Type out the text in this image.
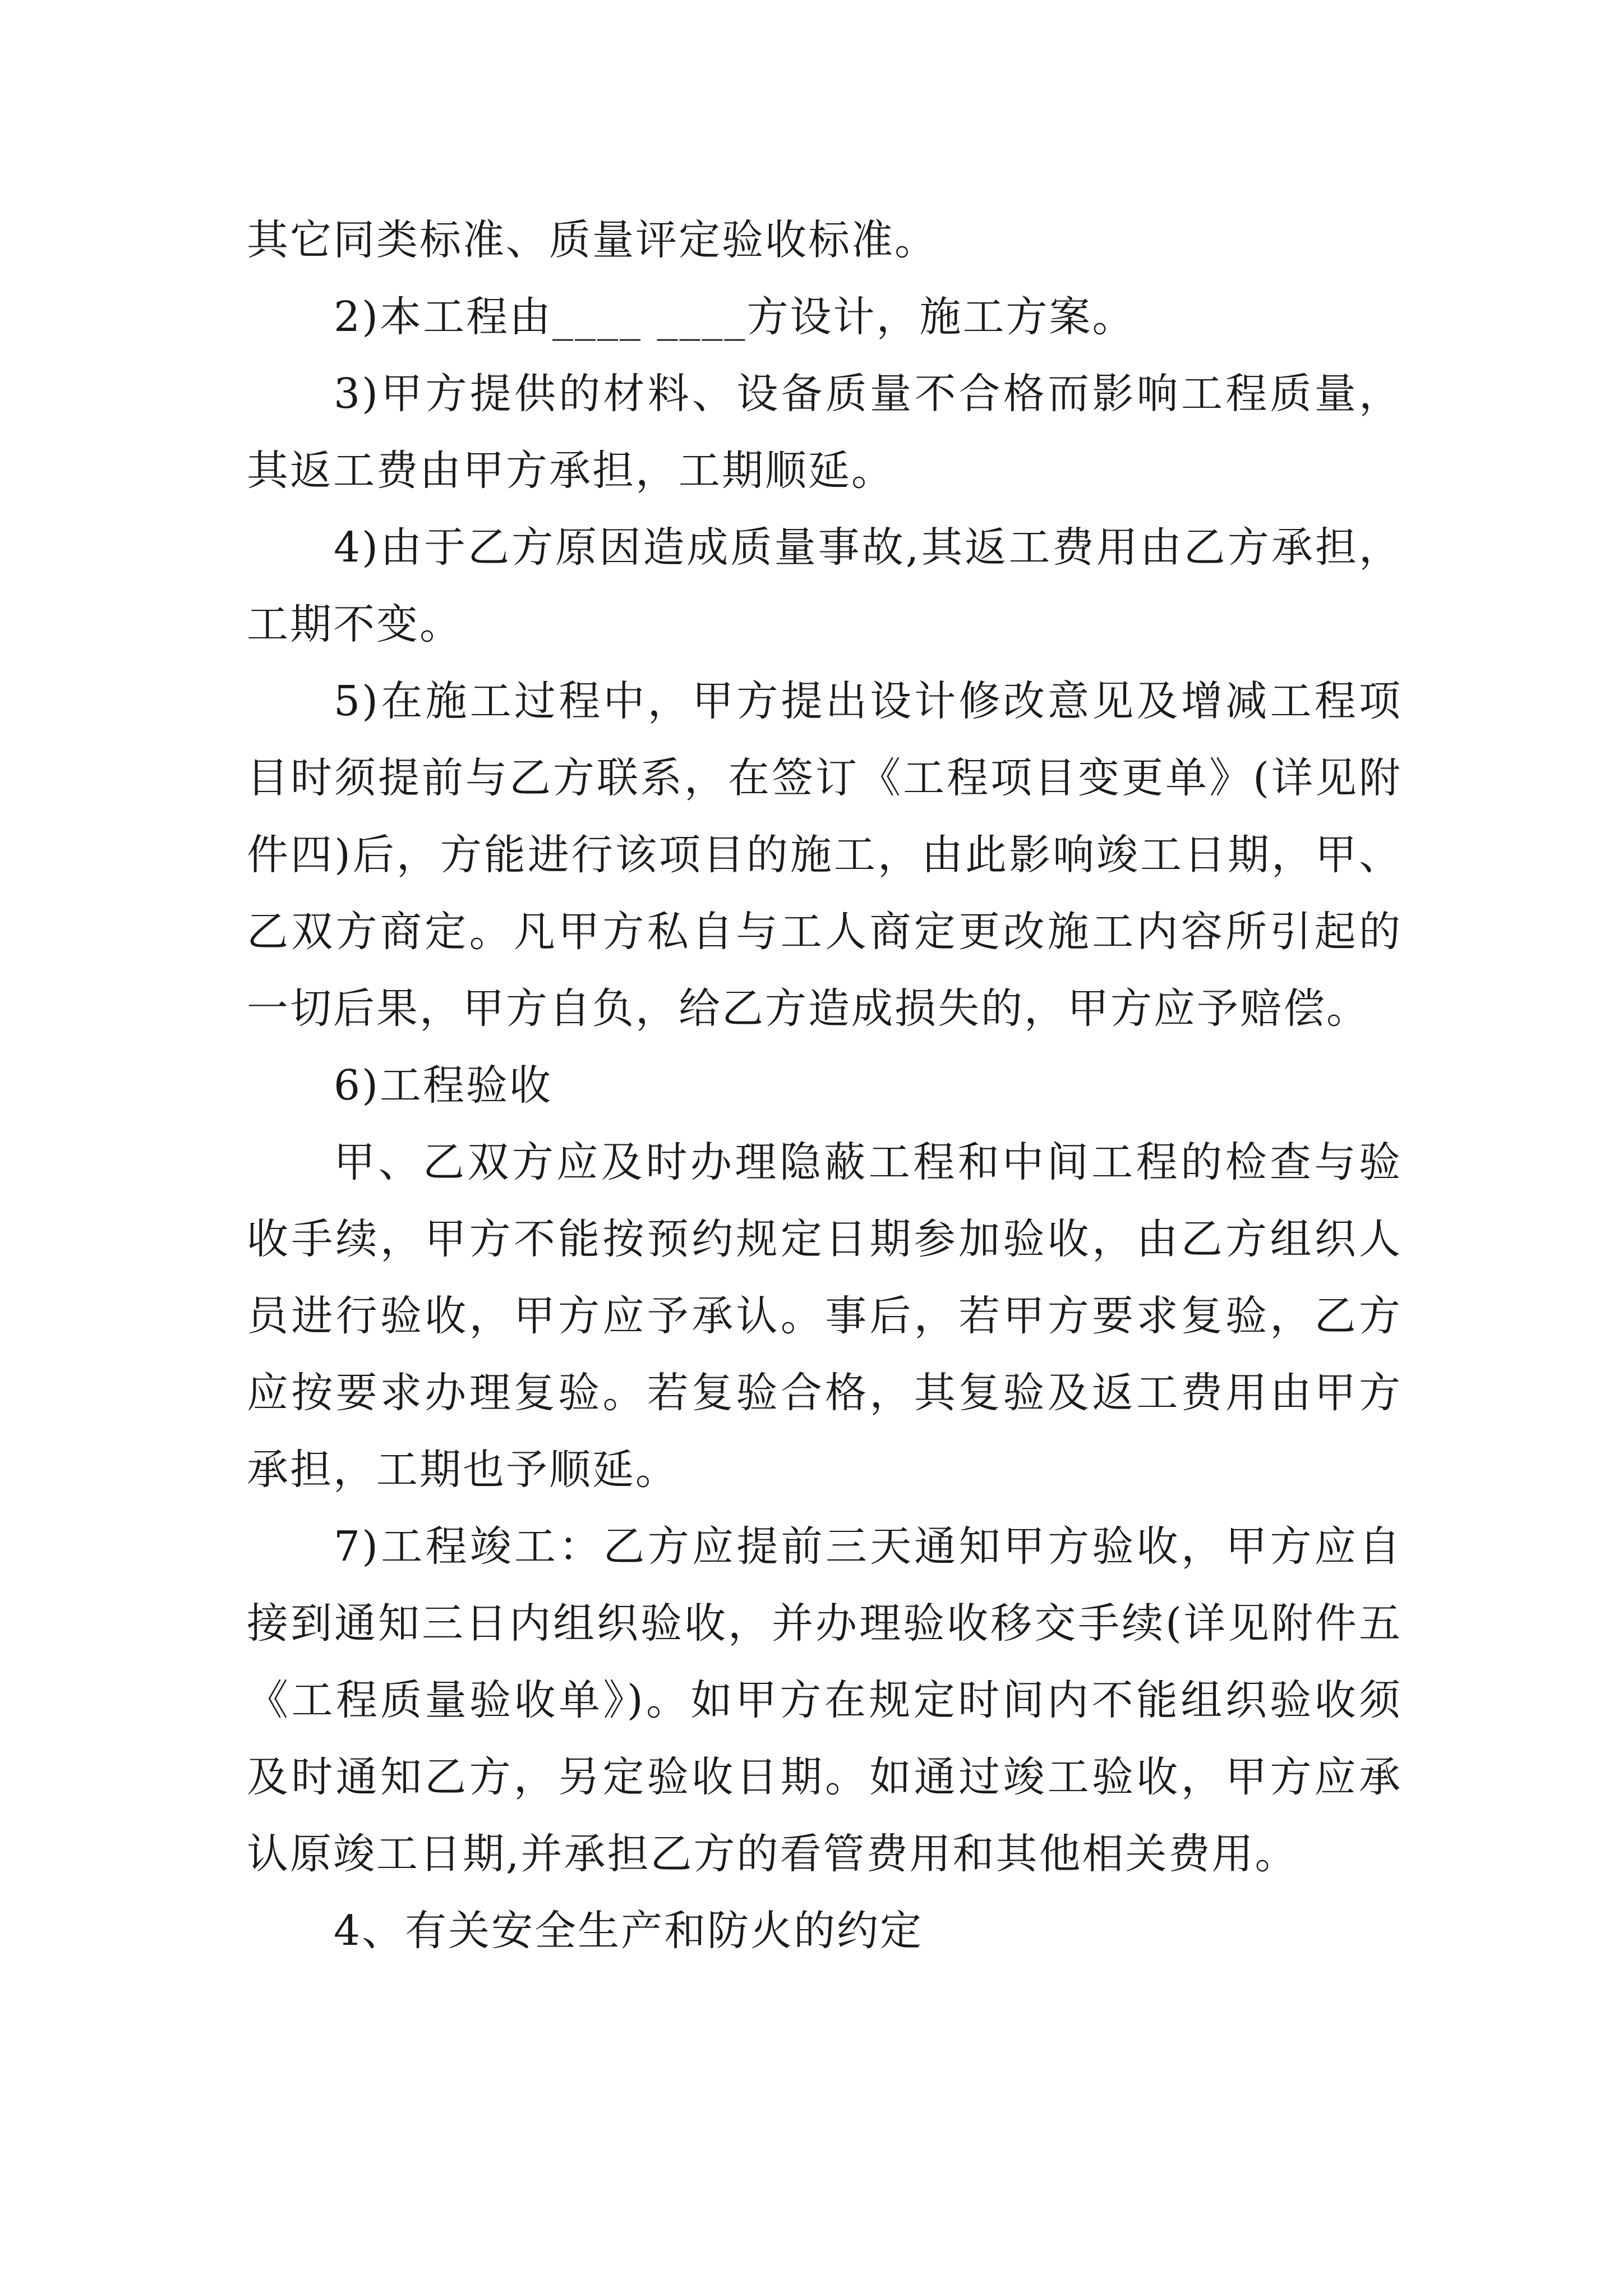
其它同类标准、质量评定验收标准。

2)本工程由____ ____方设计，施工方案。

3)甲方提供的材料、设备质量不合格而影响工程质量，其返工费由甲方承担，工期顺延。

4)由于乙方原因造成质量事故,其返工费用由乙方承担，工期不变。

5)在施工过程中，甲方提出设计修改意见及增减工程项目时须提前与乙方联系，在签订《工程项目变更单》(详见附件四)后，方能进行该项目的施工，由此影响竣工日期，甲、乙双方商定。凡甲方私自与工人商定更改施工内容所引起的一切后果，甲方自负，给乙方造成损失的，甲方应予赔偿。

6)工程验收

甲、乙双方应及时办理隐蔽工程和中间工程的检查与验收手续，甲方不能按预约规定日期参加验收，由乙方组织人员进行验收，甲方应予承认。事后，若甲方要求复验，乙方应按要求办理复验。若复验合格，其复验及返工费用由甲方承担，工期也予顺延。

7)工程竣工：乙方应提前三天通知甲方验收，甲方应自接到通知三日内组织验收，并办理验收移交手续(详见附件五《工程质量验收单》)。如甲方在规定时间内不能组织验收须及时通知乙方，另定验收日期。如通过竣工验收，甲方应承认原竣工日期,并承担乙方的看管费用和其他相关费用。

4、有关安全生产和防火的约定
